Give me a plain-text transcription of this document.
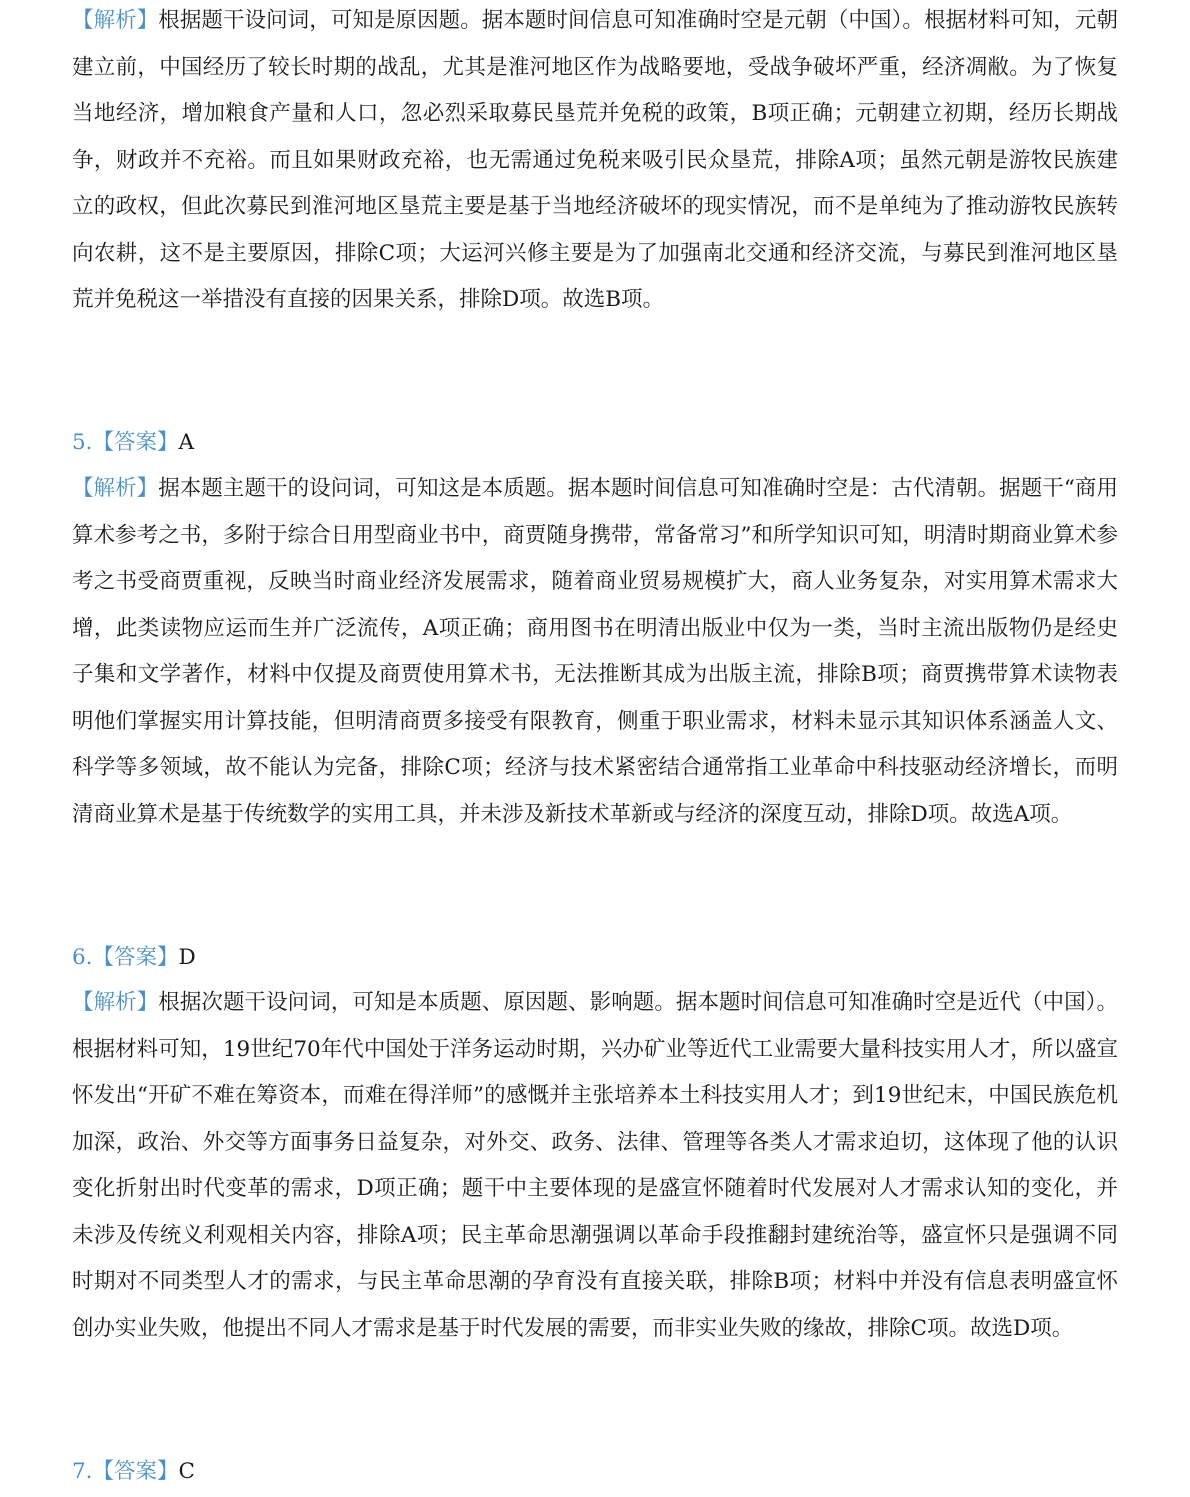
【解析】根据题干设问词，可知是原因题。据本题时间信息可知准确时空是元朝（中国）。根据材料可知，元朝建立前，中国经历了较长时期的战乱，尤其是淮河地区作为战略要地，受战争破坏严重，经济凋敝。为了恢复当地经济，增加粮食产量和人口，忽必烈采取募民垦荒并免税的政策，B项正确；元朝建立初期，经历长期战争，财政并不充裕。而且如果财政充裕，也无需通过免税来吸引民众垦荒，排除A项；虽然元朝是游牧民族建立的政权，但此次募民到淮河地区垦荒主要是基于当地经济破坏的现实情况，而不是单纯为了推动游牧民族转向农耕，这不是主要原因，排除C项；大运河兴修主要是为了加强南北交通和经济交流，与募民到淮河地区垦荒并免税这一举措没有直接的因果关系，排除D项。故选B项。

5.【答案】A

【解析】据本题主题干的设问词，可知这是本质题。据本题时间信息可知准确时空是：古代清朝。据题干“商用算术参考之书，多附于综合日用型商业书中，商贾随身携带，常备常习”和所学知识可知，明清时期商业算术参考之书受商贾重视，反映当时商业经济发展需求，随着商业贸易规模扩大，商人业务复杂，对实用算术需求大增，此类读物应运而生并广泛流传，A项正确；商用图书在明清出版业中仅为一类，当时主流出版物仍是经史子集和文学著作，材料中仅提及商贾使用算术书，无法推断其成为出版主流，排除B项；商贾携带算术读物表明他们掌握实用计算技能，但明清商贾多接受有限教育，侧重于职业需求，材料未显示其知识体系涵盖人文、科学等多领域，故不能认为完备，排除C项；经济与技术紧密结合通常指工业革命中科技驱动经济增长，而明清商业算术是基于传统数学的实用工具，并未涉及新技术革新或与经济的深度互动，排除D项。故选A项。

6.【答案】D

【解析】根据次题干设问词，可知是本质题、原因题、影响题。据本题时间信息可知准确时空是近代（中国）。根据材料可知，19世纪70年代中国处于洋务运动时期，兴办矿业等近代工业需要大量科技实用人才，所以盛宣怀发出“开矿不难在筹资本，而难在得洋师”的感慨并主张培养本土科技实用人才；到19世纪末，中国民族危机加深，政治、外交等方面事务日益复杂，对外交、政务、法律、管理等各类人才需求迫切，这体现了他的认识变化折射出时代变革的需求，D项正确；题干中主要体现的是盛宣怀随着时代发展对人才需求认知的变化，并未涉及传统义利观相关内容，排除A项；民主革命思潮强调以革命手段推翻封建统治等，盛宣怀只是强调不同时期对不同类型人才的需求，与民主革命思潮的孕育没有直接关联，排除B项；材料中并没有信息表明盛宣怀创办实业失败，他提出不同人才需求是基于时代发展的需要，而非实业失败的缘故，排除C项。故选D项。

7.【答案】C
